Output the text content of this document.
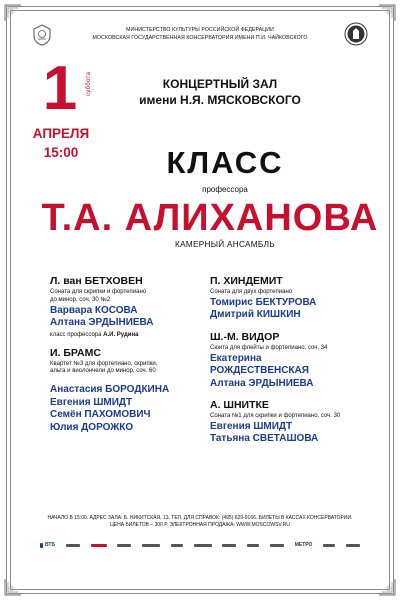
МИНИСТЕРСТВО КУЛЬТУРЫ РОССИЙСКОЙ ФЕДЕРАЦИИ
МОСКОВСКАЯ ГОСУДАРСТВЕННАЯ КОНСЕРВАТОРИЯ ИМЕНИ П.И. ЧАЙКОВСКОГО
1	суббота
АПРЕЛЯ
15:00
КОНЦЕРТНЫЙ ЗАЛ
имени Н.Я. МЯСКОВСКОГО
КЛАСС
профессора
Т.А. АЛИХАНОВА
КАМЕРНЫЙ АНСАМБЛЬ
Л. ван БЕТХОВЕН
Соната для скрипки и фортепиано
до минор, соч. 30 №2
Варвара КОСОВА
Алтана ЭРДЫНИЕВА
класс профессора А.И. Рудина
И. БРАМС
Квартет №3 для фортепиано, скрипки,
альта и виолончели до минор, соч. 60
Анастасия БОРОДКИНА
Евгения ШМИДТ
Семён ПАХОМОВИЧ
Юлия ДОРОЖКО
П. ХИНДЕМИТ
Соната для двух фортепиано
Томирис БЕКТУРОВА
Дмитрий КИШКИН
Ш.-М. ВИДОР
Сюита для флейты и фортепиано, соч. 34
Екатерина
РОЖДЕСТВЕНСКАЯ
Алтана ЭРДЫНИЕВА
А. ШНИТКЕ
Соната №1 для скрипки и фортепиано, соч. 30
Евгения ШМИДТ
Татьяна СВЕТАШОВА
НАЧАЛО В 15:00. АДРЕС ЗАЛА: Б. НИКИТСКАЯ, 13. ТЕЛ. ДЛЯ СПРАВОК: (495) 629-9166. БИЛЕТЫ В КАССАХ КОНСЕРВАТОРИИ.
ЦЕНА БИЛЕТОВ – 300 Р. ЭЛЕКТРОННАЯ ПРОДАЖА: WWW.MOSCOWSV.RU
ВТБ	МЕТРО
